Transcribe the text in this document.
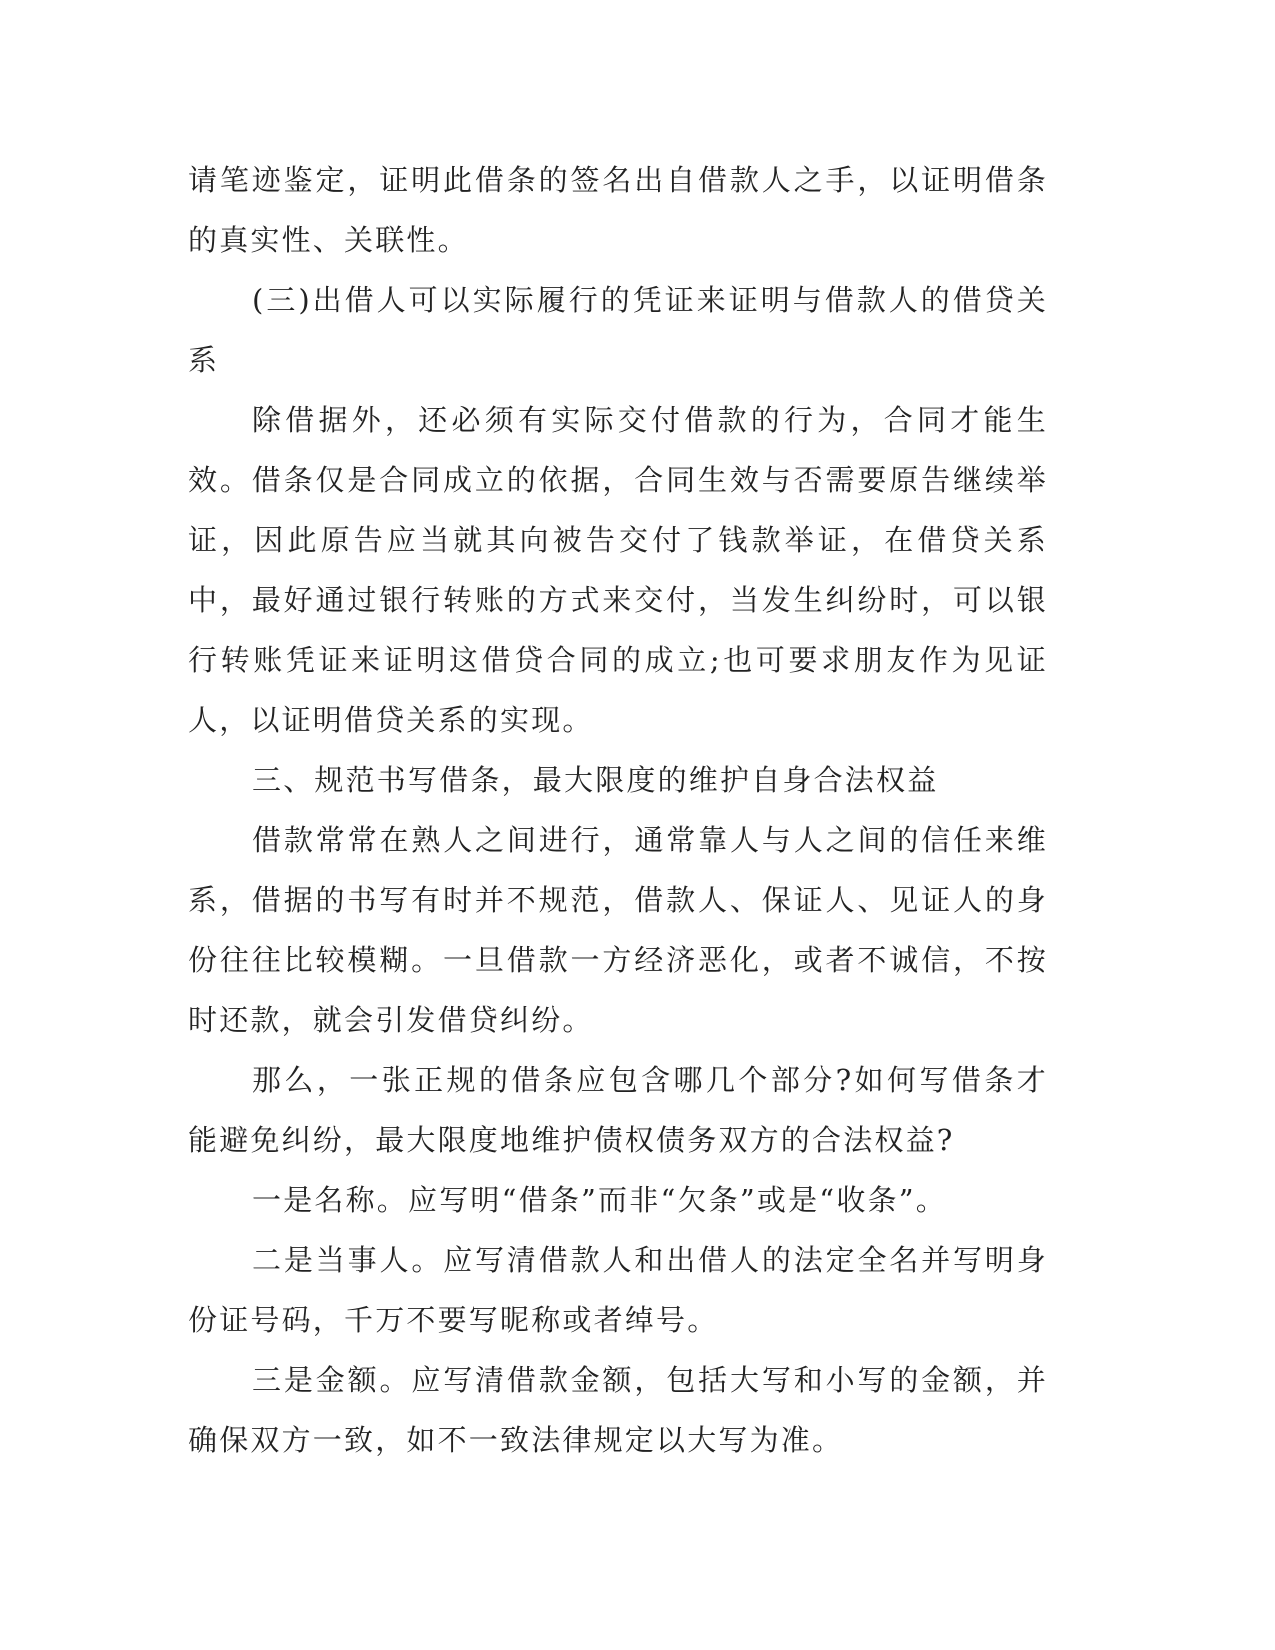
请笔迹鉴定，证明此借条的签名出自借款人之手，以证明借条的真实性、关联性。

(三)出借人可以实际履行的凭证来证明与借款人的借贷关系

除借据外，还必须有实际交付借款的行为，合同才能生效。借条仅是合同成立的依据，合同生效与否需要原告继续举证，因此原告应当就其向被告交付了钱款举证，在借贷关系中，最好通过银行转账的方式来交付，当发生纠纷时，可以银行转账凭证来证明这借贷合同的成立;也可要求朋友作为见证人，以证明借贷关系的实现。

三、规范书写借条，最大限度的维护自身合法权益

借款常常在熟人之间进行，通常靠人与人之间的信任来维系，借据的书写有时并不规范，借款人、保证人、见证人的身份往往比较模糊。一旦借款一方经济恶化，或者不诚信，不按时还款，就会引发借贷纠纷。

那么，一张正规的借条应包含哪几个部分?如何写借条才能避免纠纷，最大限度地维护债权债务双方的合法权益?

一是名称。应写明“借条”而非“欠条”或是“收条”。

二是当事人。应写清借款人和出借人的法定全名并写明身份证号码，千万不要写昵称或者绰号。

三是金额。应写清借款金额，包括大写和小写的金额，并确保双方一致，如不一致法律规定以大写为准。
